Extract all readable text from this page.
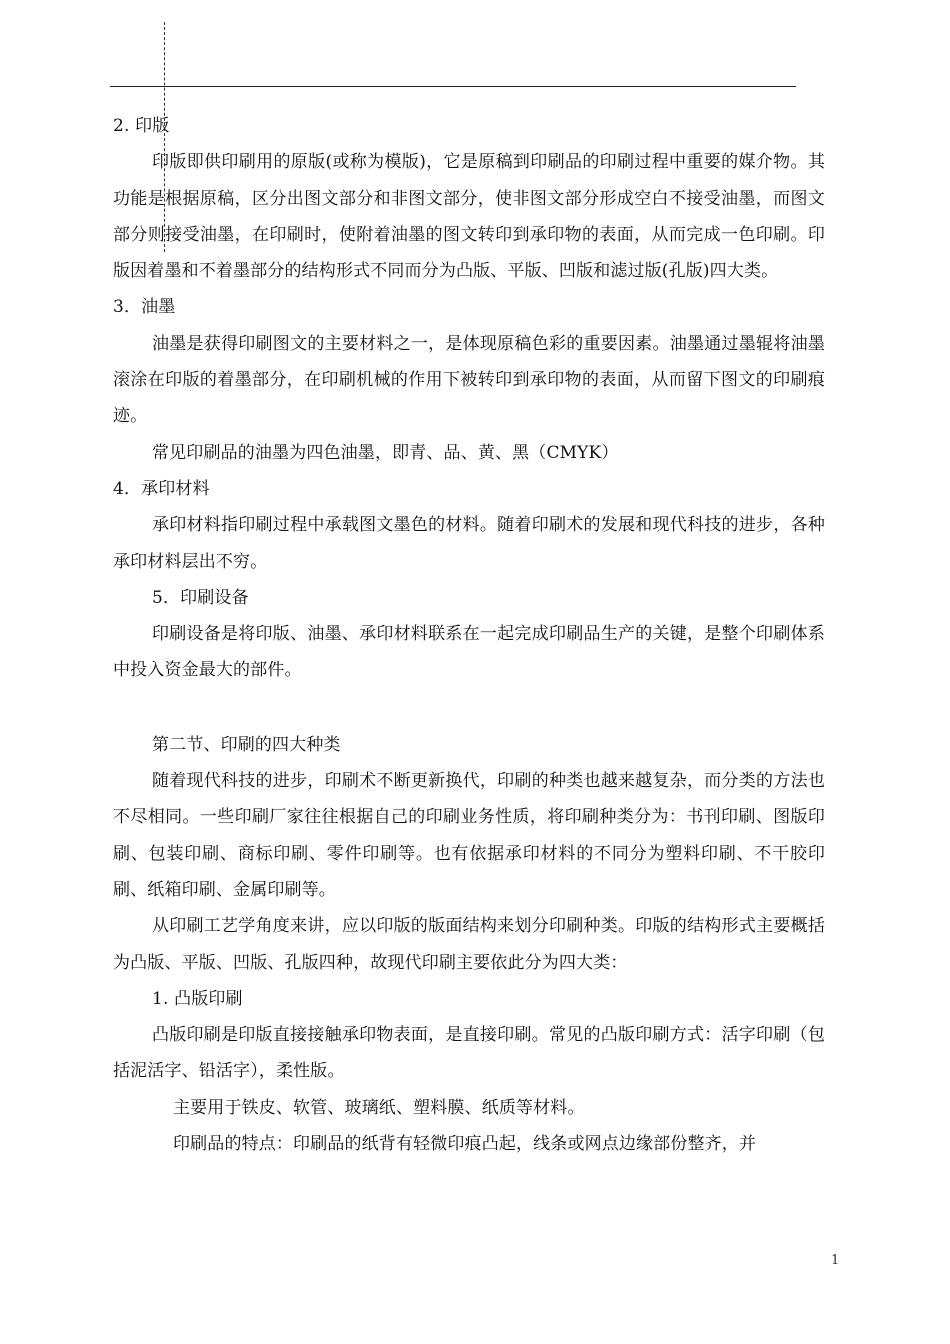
2. 印版

印版即供印刷用的原版(或称为模版)，它是原稿到印刷品的印刷过程中重要的媒介物。其功能是根据原稿，区分出图文部分和非图文部分，使非图文部分形成空白不接受油墨，而图文部分则接受油墨，在印刷时，使附着油墨的图文转印到承印物的表面，从而完成一色印刷。印版因着墨和不着墨部分的结构形式不同而分为凸版、平版、凹版和滤过版(孔版)四大类。

3．油墨

油墨是获得印刷图文的主要材料之一，是体现原稿色彩的重要因素。油墨通过墨辊将油墨滚涂在印版的着墨部分，在印刷机械的作用下被转印到承印物的表面，从而留下图文的印刷痕迹。

常见印刷品的油墨为四色油墨，即青、品、黄、黑（CMYK）

4．承印材料

承印材料指印刷过程中承载图文墨色的材料。随着印刷术的发展和现代科技的进步，各种承印材料层出不穷。

5．印刷设备

印刷设备是将印版、油墨、承印材料联系在一起完成印刷品生产的关键，是整个印刷体系中投入资金最大的部件。

第二节、印刷的四大种类

随着现代科技的进步，印刷术不断更新换代，印刷的种类也越来越复杂，而分类的方法也不尽相同。一些印刷厂家往往根据自己的印刷业务性质，将印刷种类分为：书刊印刷、图版印刷、包装印刷、商标印刷、零件印刷等。也有依据承印材料的不同分为塑料印刷、不干胶印刷、纸箱印刷、金属印刷等。

从印刷工艺学角度来讲，应以印版的版面结构来划分印刷种类。印版的结构形式主要概括为凸版、平版、凹版、孔版四种，故现代印刷主要依此分为四大类：

1. 凸版印刷

凸版印刷是印版直接接触承印物表面，是直接印刷。常见的凸版印刷方式：活字印刷（包括泥活字、铅活字），柔性版。

主要用于铁皮、软管、玻璃纸、塑料膜、纸质等材料。

印刷品的特点：印刷品的纸背有轻微印痕凸起，线条或网点边缘部份整齐，并

1
